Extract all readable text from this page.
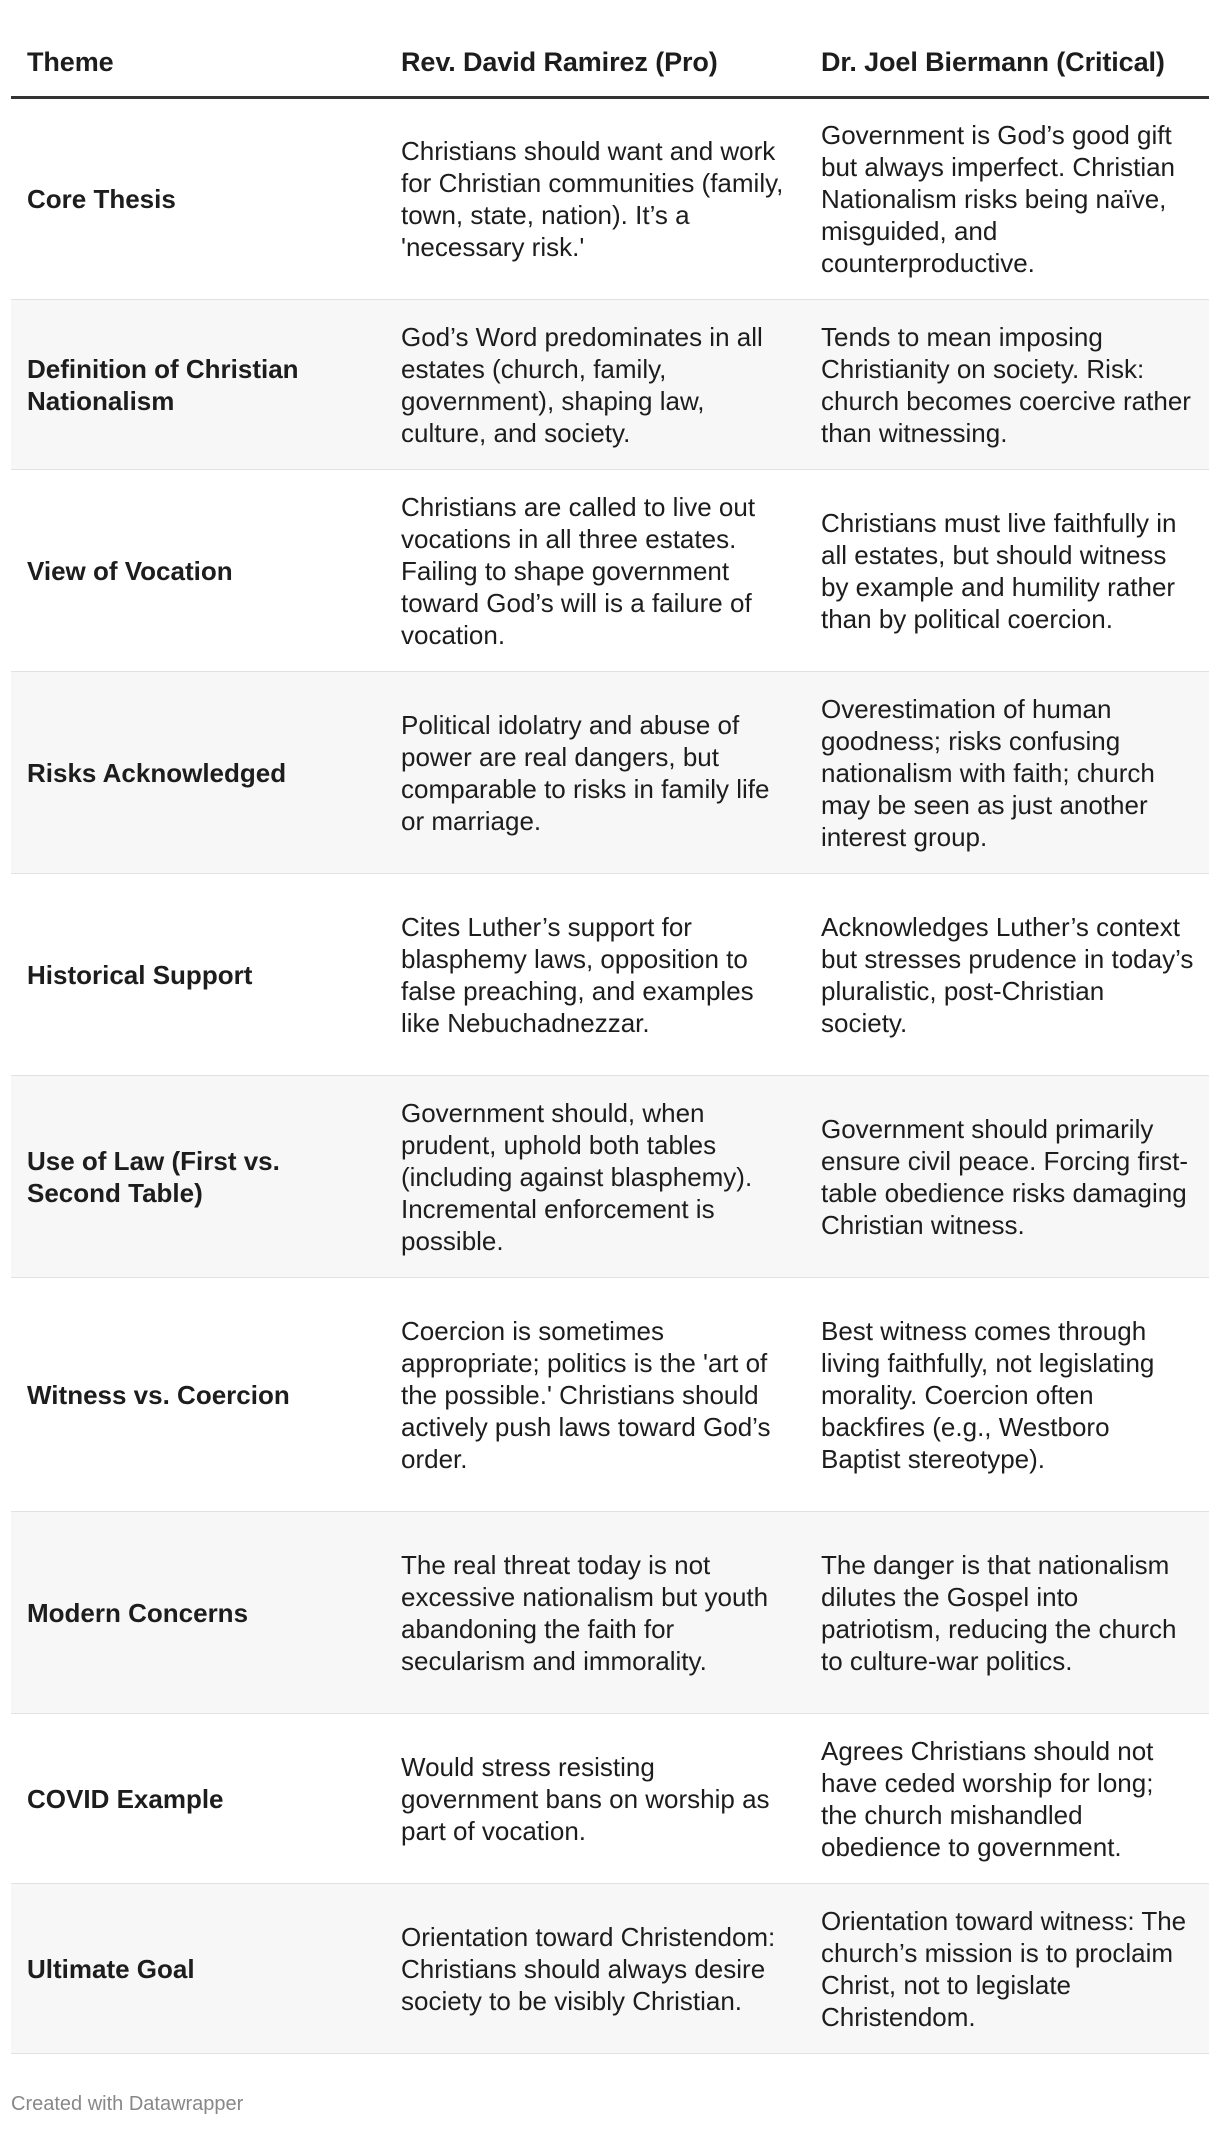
Theme	Rev. David Ramirez (Pro)	Dr. Joel Biermann (Critical)
Core Thesis	Christians should want and work for Christian communities (family, town, state, nation). It’s a 'necessary risk.'	Government is God’s good gift but always imperfect. Christian Nationalism risks being naïve, misguided, and counterproductive.
Definition of Christian Nationalism	God’s Word predominates in all estates (church, family, government), shaping law, culture, and society.	Tends to mean imposing Christianity on society. Risk: church becomes coercive rather than witnessing.
View of Vocation	Christians are called to live out vocations in all three estates. Failing to shape government toward God’s will is a failure of vocation.	Christians must live faithfully in all estates, but should witness by example and humility rather than by political coercion.
Risks Acknowledged	Political idolatry and abuse of power are real dangers, but comparable to risks in family life or marriage.	Overestimation of human goodness; risks confusing nationalism with faith; church may be seen as just another interest group.
Historical Support	Cites Luther’s support for blasphemy laws, opposition to false preaching, and examples like Nebuchadnezzar.	Acknowledges Luther’s context but stresses prudence in today’s pluralistic, post-Christian society.
Use of Law (First vs. Second Table)	Government should, when prudent, uphold both tables (including against blasphemy). Incremental enforcement is possible.	Government should primarily ensure civil peace. Forcing first-table obedience risks damaging Christian witness.
Witness vs. Coercion	Coercion is sometimes appropriate; politics is the 'art of the possible.' Christians should actively push laws toward God’s order.	Best witness comes through living faithfully, not legislating morality. Coercion often backfires (e.g., Westboro Baptist stereotype).
Modern Concerns	The real threat today is not excessive nationalism but youth abandoning the faith for secularism and immorality.	The danger is that nationalism dilutes the Gospel into patriotism, reducing the church to culture-war politics.
COVID Example	Would stress resisting government bans on worship as part of vocation.	Agrees Christians should not have ceded worship for long; the church mishandled obedience to government.
Ultimate Goal	Orientation toward Christendom: Christians should always desire society to be visibly Christian.	Orientation toward witness: The church’s mission is to proclaim Christ, not to legislate Christendom.
Created with Datawrapper
